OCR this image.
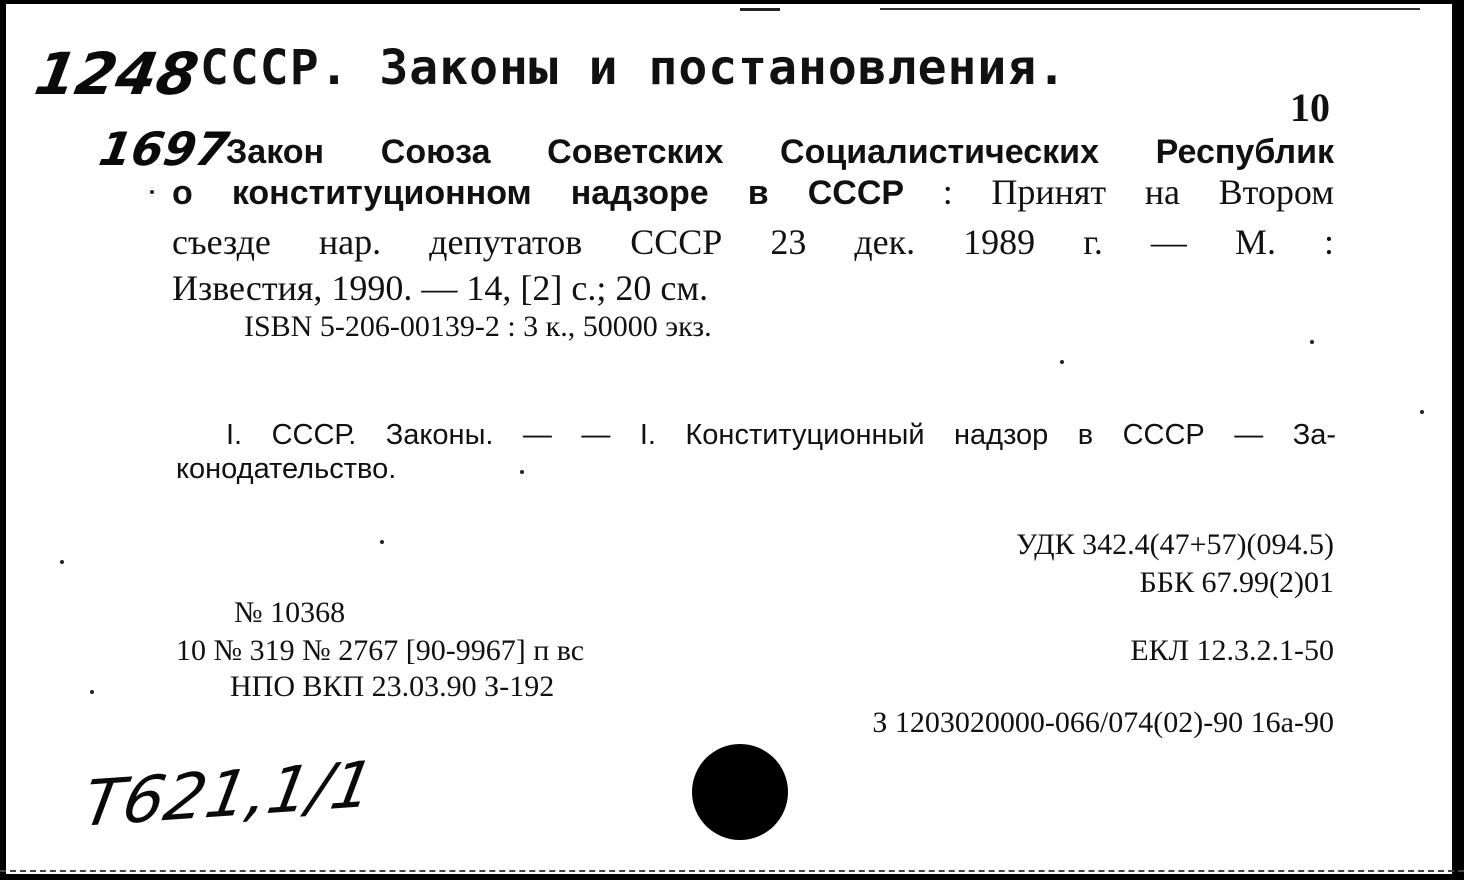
1248
СССР. Законы и постановления.
10
1697
Закон Союза Советских Социалистических Республик
о конституционном надзоре в СССР : Принят на Втором
съезде нар. депутатов СССР 23 дек. 1989 г. — М. :
Известия, 1990. — 14, [2] с.; 20 см.
ISBN 5-206-00139-2 : 3 к., 50000 экз.
I. СССР. Законы. — — I. Конституционный надзор в СССР — За-
конодательство.
УДК 342.4(47+57)(094.5)
ББК 67.99(2)01
№ 10368
10 № 319 № 2767 [90-9967] п вс	ЕКЛ 12.3.2.1-50
НПО ВКП 23.03.90 З-192
З 1203020000-066/074(02)-90 16а-90
Т621,1/1
